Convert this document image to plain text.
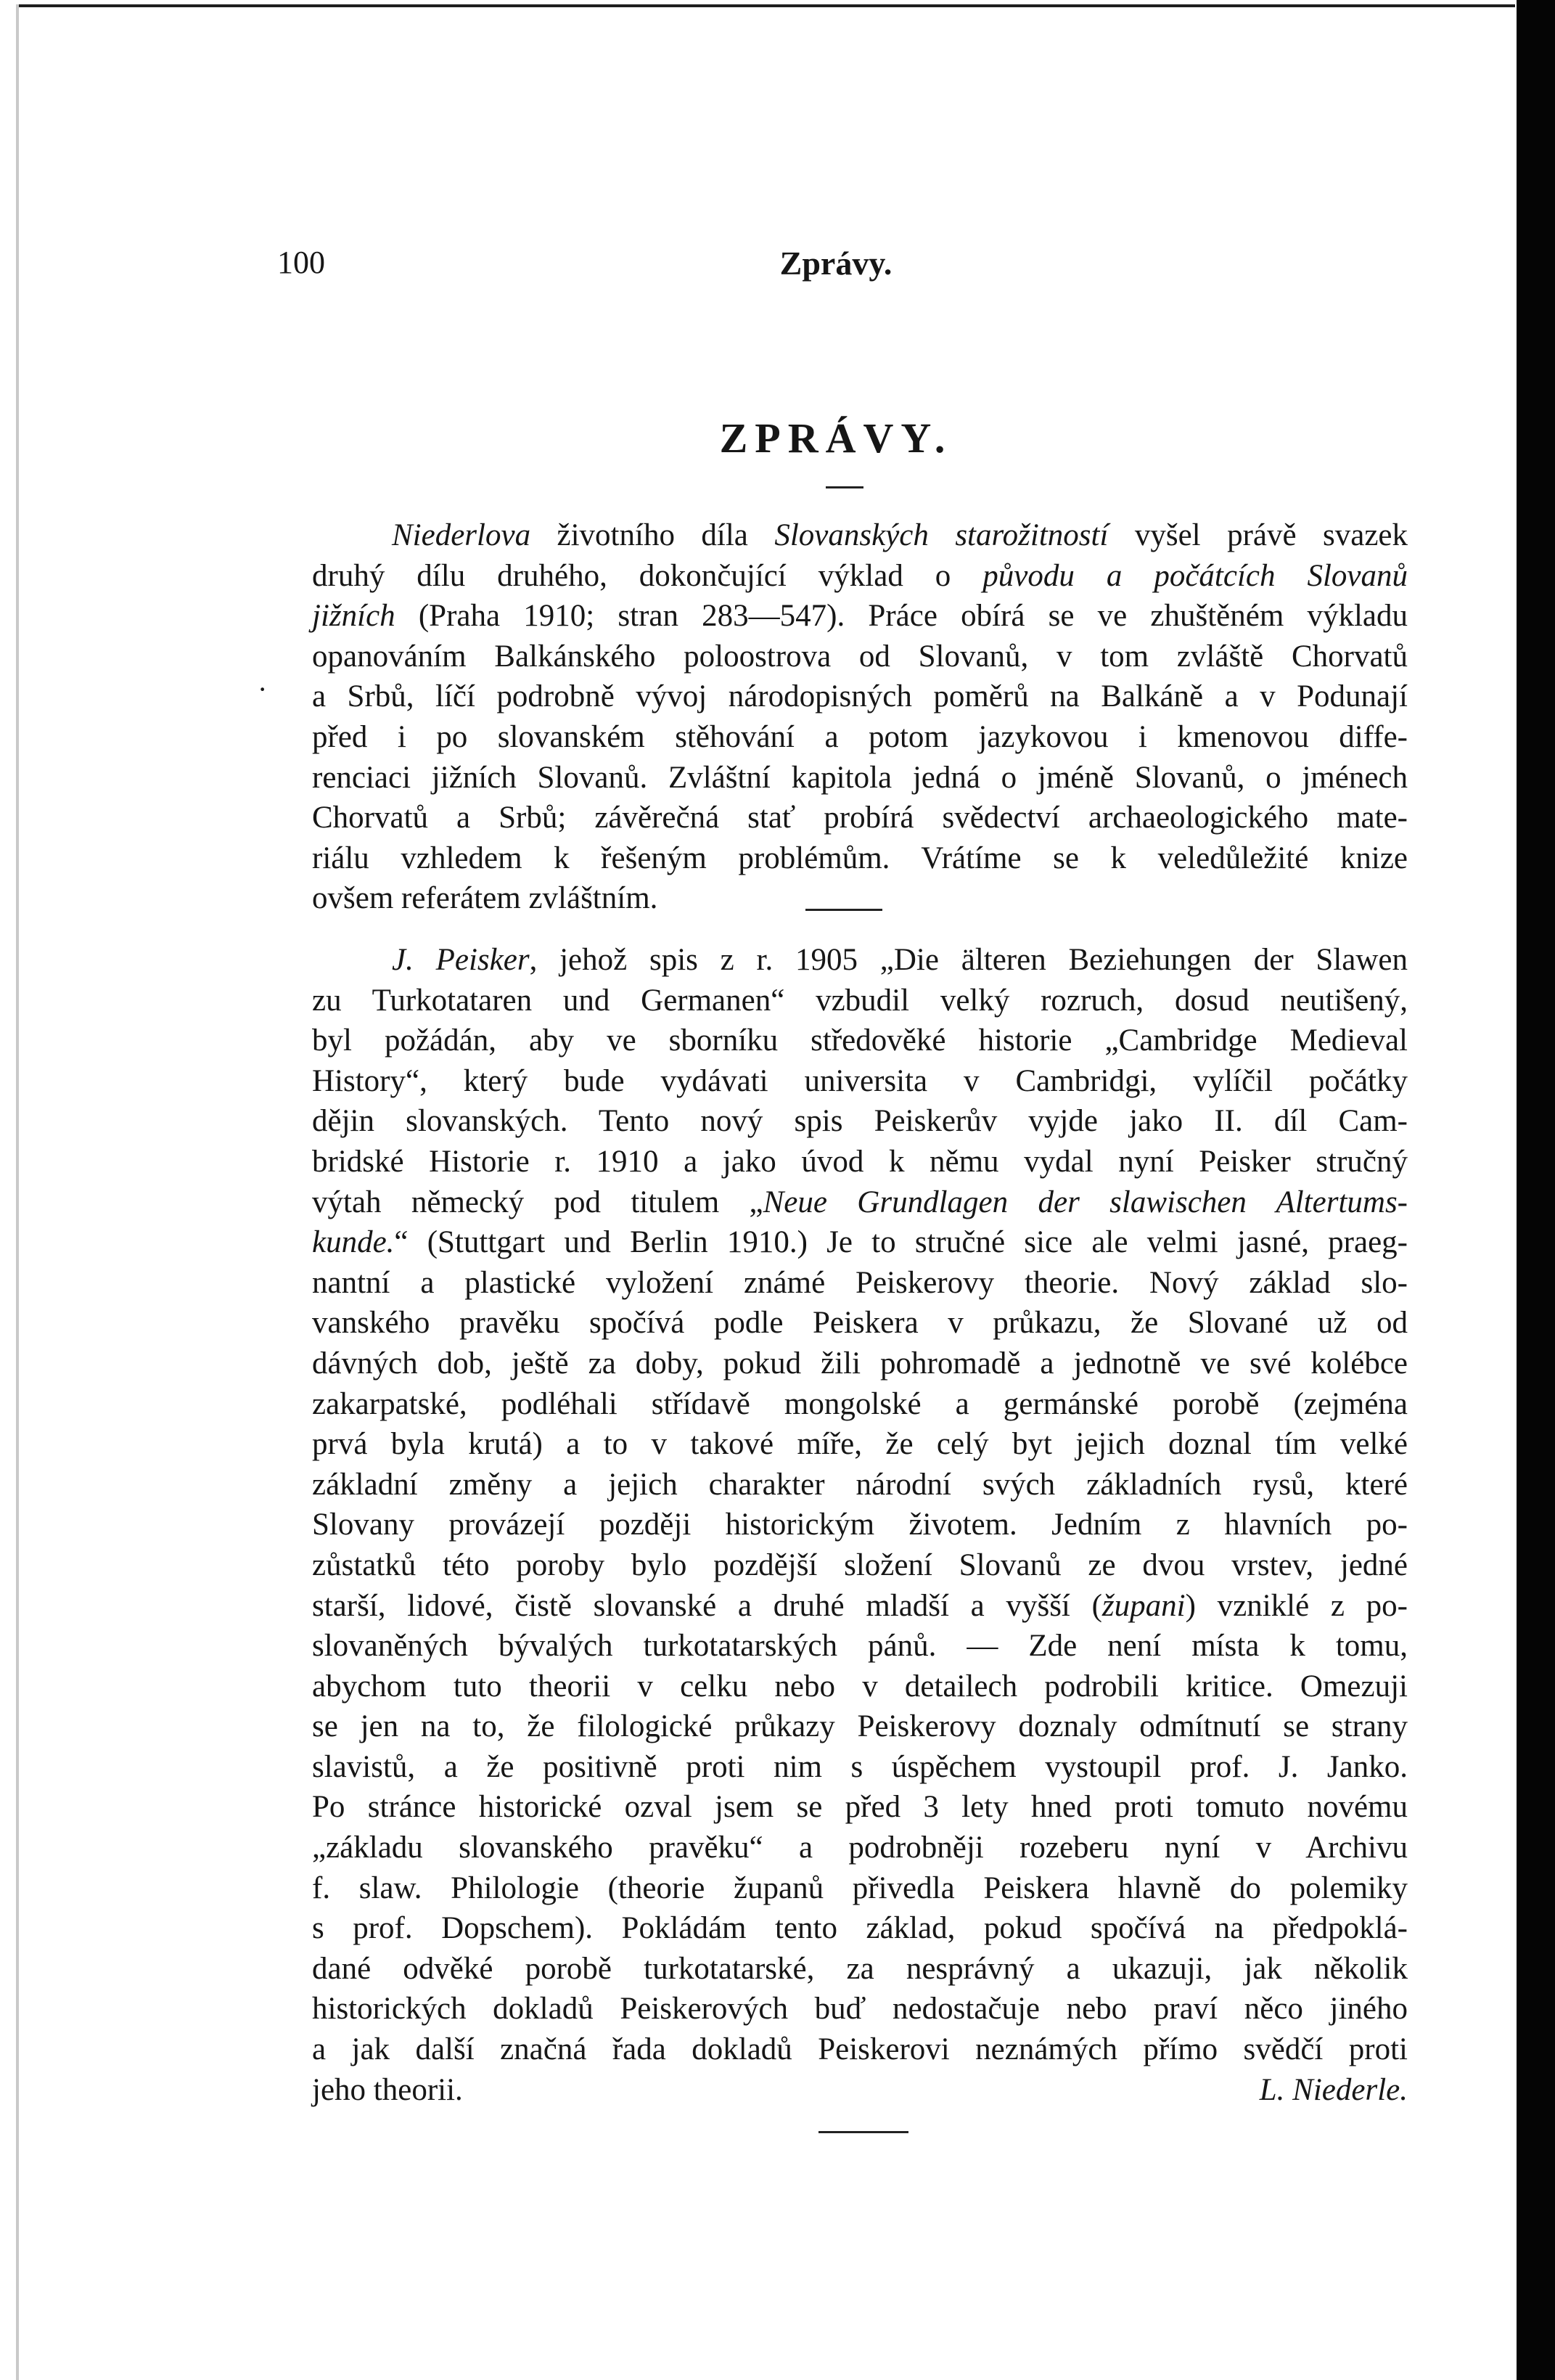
100	Zprávy.
ZPRÁVY.
·
Niederlova životního díla Slovanských starožitností vyšel právě svazek
druhý dílu druhého, dokončující výklad o původu a počátcích Slovanů
jižních (Praha 1910; stran 283—547). Práce obírá se ve zhuštěném výkladu
opanováním Balkánského poloostrova od Slovanů, v tom zvláště Chorvatů
a Srbů, líčí podrobně vývoj národopisných poměrů na Balkáně a v Podunají
před i po slovanském stěhování a potom jazykovou i kmenovou diffe-
renciaci jižních Slovanů. Zvláštní kapitola jedná o jméně Slovanů, o jménech
Chorvatů a Srbů; závěrečná stať probírá svědectví archaeologického mate-
riálu vzhledem k řešeným problémům. Vrátíme se k veledůležité knize
ovšem referátem zvláštním.
J. Peisker, jehož spis z r. 1905 „Die älteren Beziehungen der Slawen
zu Turkotataren und Germanen“ vzbudil velký rozruch, dosud neutišený,
byl požádán, aby ve sborníku středověké historie „Cambridge Medieval
History“, který bude vydávati universita v Cambridgi, vylíčil počátky
dějin slovanských. Tento nový spis Peiskerův vyjde jako II. díl Cam-
bridské Historie r. 1910 a jako úvod k němu vydal nyní Peisker stručný
výtah německý pod titulem „Neue Grundlagen der slawischen Altertums-
kunde.“ (Stuttgart und Berlin 1910.) Je to stručné sice ale velmi jasné, praeg-
nantní a plastické vyložení známé Peiskerovy theorie. Nový základ slo-
vanského pravěku spočívá podle Peiskera v průkazu, že Slované už od
dávných dob, ještě za doby, pokud žili pohromadě a jednotně ve své kolébce
zakarpatské, podléhali střídavě mongolské a germánské porobě (zejména
prvá byla krutá) a to v takové míře, že celý byt jejich doznal tím velké
základní změny a jejich charakter národní svých základních rysů, které
Slovany provázejí později historickým životem. Jedním z hlavních po-
zůstatků této poroby bylo pozdější složení Slovanů ze dvou vrstev, jedné
starší, lidové, čistě slovanské a druhé mladší a vyšší (župani) vzniklé z po-
slovaněných bývalých turkotatarských pánů. — Zde není místa k tomu,
abychom tuto theorii v celku nebo v detailech podrobili kritice. Omezuji
se jen na to, že filologické průkazy Peiskerovy doznaly odmítnutí se strany
slavistů, a že positivně proti nim s úspěchem vystoupil prof. J. Janko.
Po stránce historické ozval jsem se před 3 lety hned proti tomuto novému
„základu slovanského pravěku“ a podrobněji rozeberu nyní v Archivu
f. slaw. Philologie (theorie županů přivedla Peiskera hlavně do polemiky
s prof. Dopschem). Pokládám tento základ, pokud spočívá na předpoklá-
dané odvěké porobě turkotatarské, za nesprávný a ukazuji, jak několik
historických dokladů Peiskerových buď nedostačuje nebo praví něco jiného
a jak další značná řada dokladů Peiskerovi neznámých přímo svědčí proti
jeho theorii.	L. Niederle.
